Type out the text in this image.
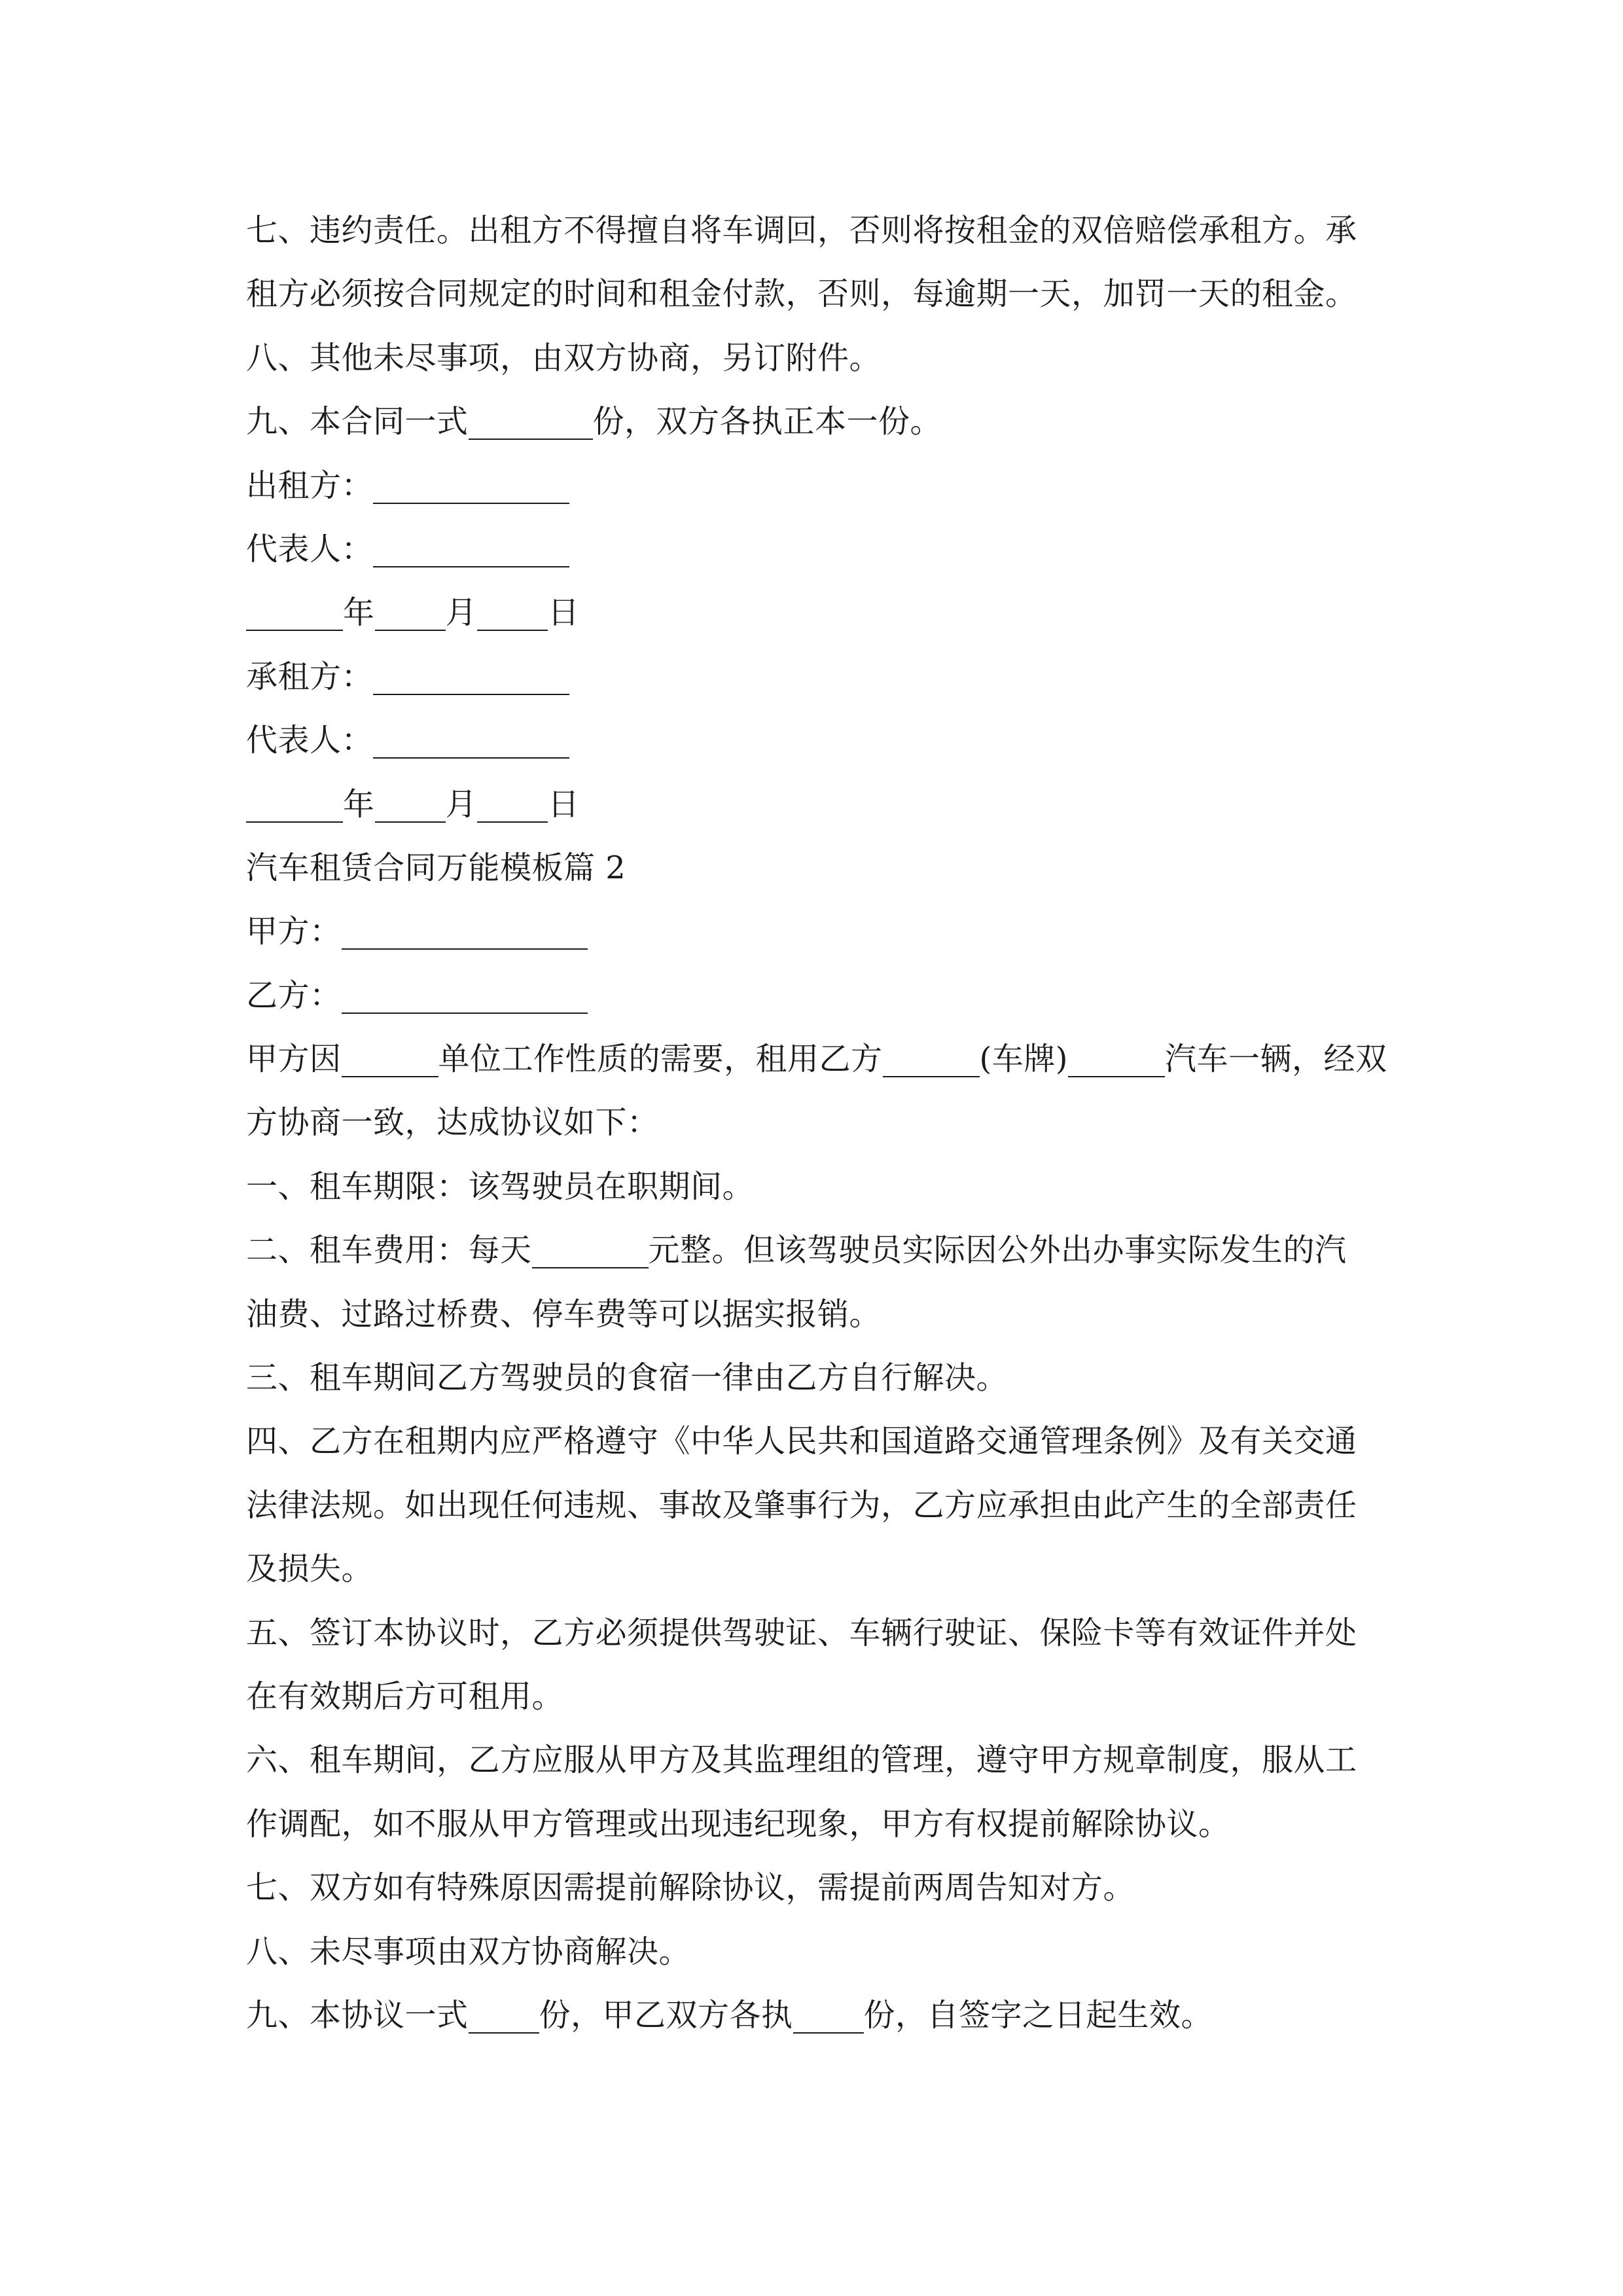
七、违约责任。出租方不得擅自将车调回，否则将按租金的双倍赔偿承租方。承
租方必须按合同规定的时间和租金付款，否则，每逾期一天，加罚一天的租金。
八、其他未尽事项，由双方协商，另订附件。
九、本合同一式	份，双方各执正本一份。
出租方：
代表人：
年 月 日
承租方：
代表人：
年 月 日
汽车租赁合同万能模板篇 2
甲方：
乙方：
甲方因	单位工作性质的需要，租用乙方	(车牌)	汽车一辆，经双
方协商一致，达成协议如下：
一、租车期限：该驾驶员在职期间。
二、租车费用：每天	元整。但该驾驶员实际因公外出办事实际发生的汽
油费、过路过桥费、停车费等可以据实报销。
三、租车期间乙方驾驶员的食宿一律由乙方自行解决。
四、乙方在租期内应严格遵守《中华人民共和国道路交通管理条例》及有关交通
法律法规。如出现任何违规、事故及肇事行为，乙方应承担由此产生的全部责任
及损失。
五、签订本协议时，乙方必须提供驾驶证、车辆行驶证、保险卡等有效证件并处
在有效期后方可租用。
六、租车期间，乙方应服从甲方及其监理组的管理，遵守甲方规章制度，服从工
作调配，如不服从甲方管理或出现违纪现象，甲方有权提前解除协议。
七、双方如有特殊原因需提前解除协议，需提前两周告知对方。
八、未尽事项由双方协商解决。
九、本协议一式 份，甲乙双方各执 份，自签字之日起生效。
